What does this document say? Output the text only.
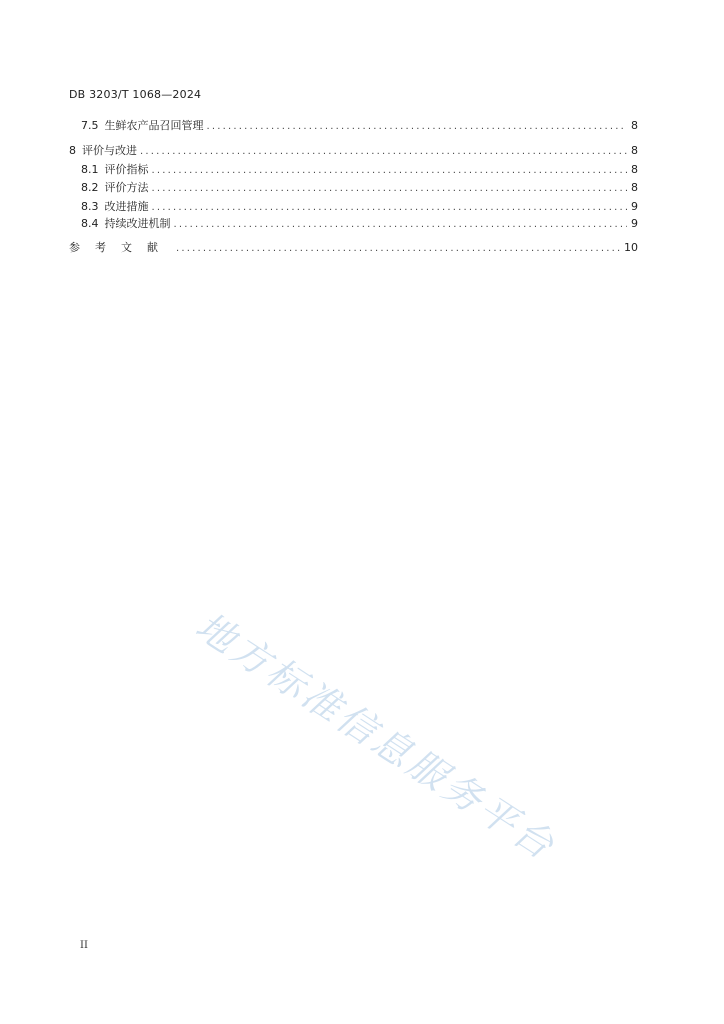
DB 3203/T 1068—2024
7.5 生鲜农产品召回管理 .....	8
8 评价与改进 .....	8
8.1 评价指标 .....	8
8.2 评价方法 .....	8
8.3 改进措施 .....	9
8.4 持续改进机制 .....	9
参考文献 .....	10
地方标准信息服务平台
II
